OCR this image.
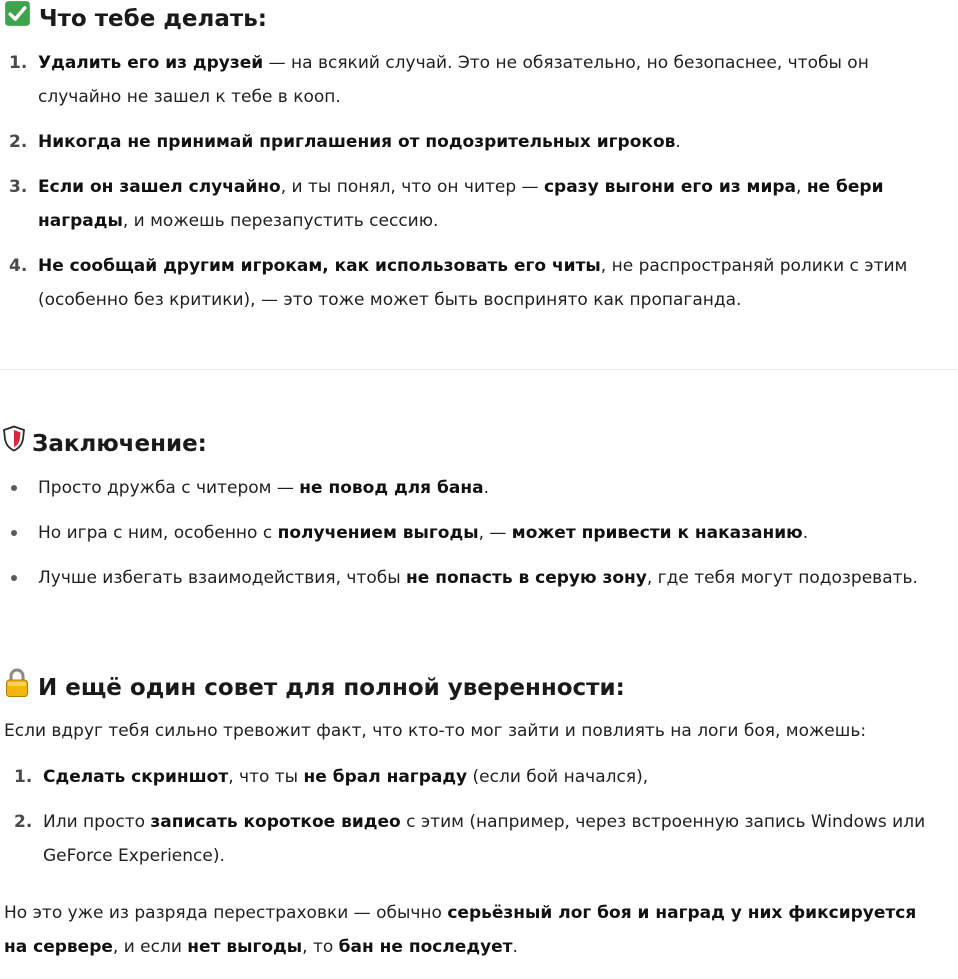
Что тебе делать:
1. Удалить его из друзей — на всякий случай. Это не обязательно, но безопаснее, чтобы он случайно не зашел к тебе в кооп.
2. Никогда не принимай приглашения от подозрительных игроков.
3. Если он зашел случайно, и ты понял, что он читер — сразу выгони его из мира, не бери награды, и можешь перезапустить сессию.
4. Не сообщай другим игрокам, как использовать его читы, не распространяй ролики с этим (особенно без критики), — это тоже может быть воспринято как пропаганда.
Заключение:
Просто дружба с читером — не повод для бана.
Но игра с ним, особенно с получением выгоды, — может привести к наказанию.
Лучше избегать взаимодействия, чтобы не попасть в серую зону, где тебя могут подозревать.
И ещё один совет для полной уверенности:

Если вдруг тебя сильно тревожит факт, что кто-то мог зайти и повлиять на логи боя, можешь:

1. Сделать скриншот, что ты не брал награду (если бой начался),
2. Или просто записать короткое видео с этим (например, через встроенную запись Windows или GeForce Experience).

Но это уже из разряда перестраховки — обычно серьёзный лог боя и наград у них фиксируется на сервере, и если нет выгоды, то бан не последует.
